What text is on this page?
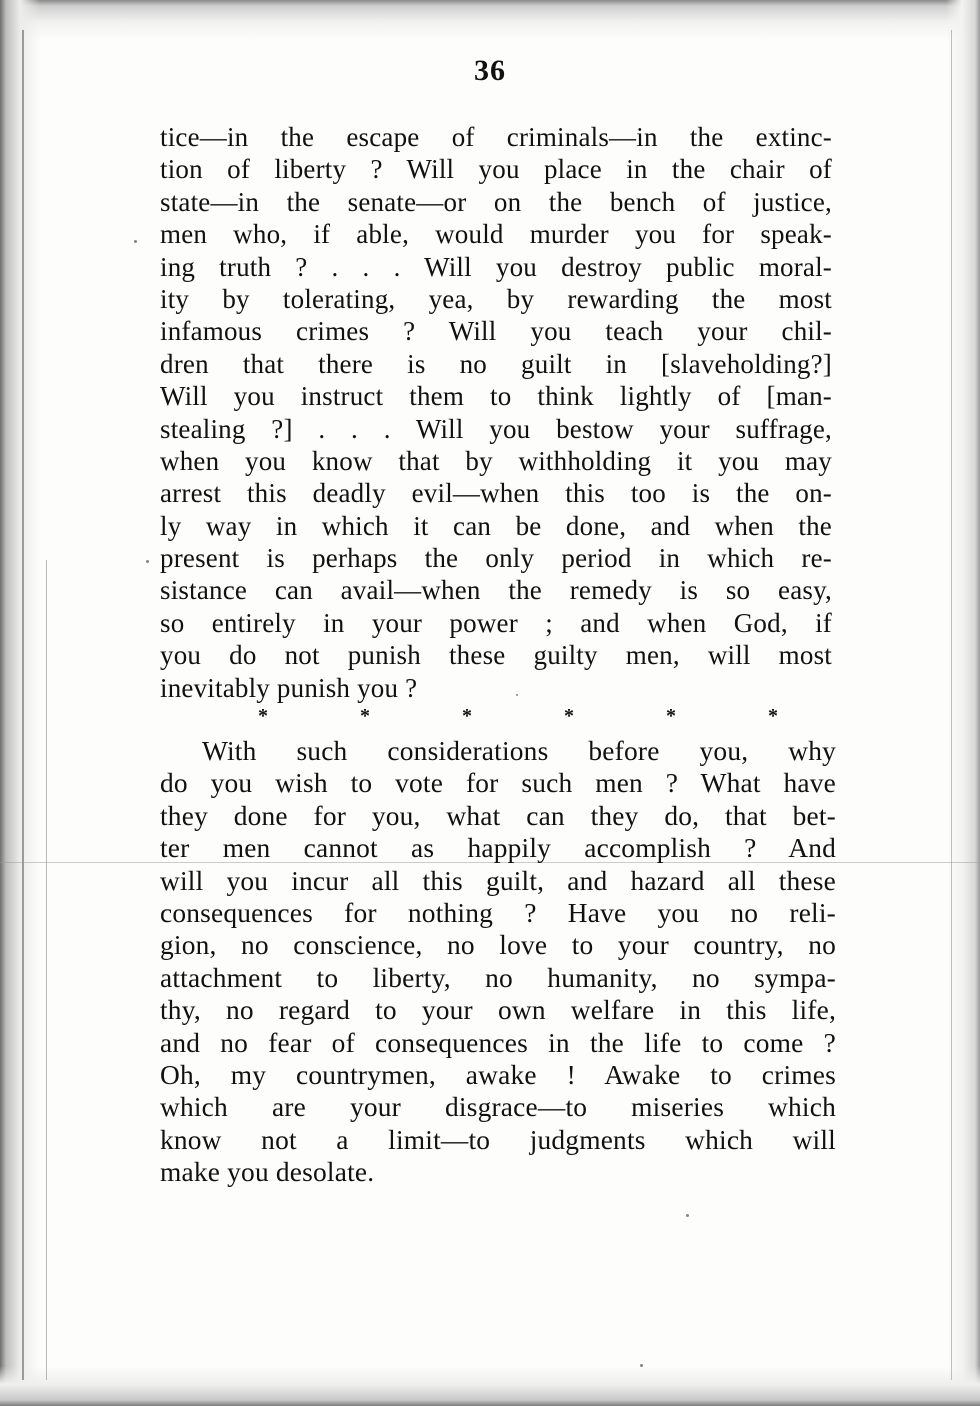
36
tice—in the escape of criminals—in the extinc-
tion of liberty ? Will you place in the chair of
state—in the senate—or on the bench of justice,
men who, if able, would murder you for speak-
ing truth ? . . . Will you destroy public moral-
ity by tolerating, yea, by rewarding the most
infamous crimes ? Will you teach your chil-
dren that there is no guilt in [slaveholding?]
Will you instruct them to think lightly of [man-
stealing ?] . . . Will you bestow your suffrage,
when you know that by withholding it you may
arrest this deadly evil—when this too is the on-
ly way in which it can be done, and when the
present is perhaps the only period in which re-
sistance can avail—when the remedy is so easy,
so entirely in your power ; and when God, if
you do not punish these guilty men, will most
inevitably punish you ?
*	*	*	*	*	*
With such considerations before you, why
do you wish to vote for such men ? What have
they done for you, what can they do, that bet-
ter men cannot as happily accomplish ? And
will you incur all this guilt, and hazard all these
consequences for nothing ? Have you no reli-
gion, no conscience, no love to your country, no
attachment to liberty, no humanity, no sympa-
thy, no regard to your own welfare in this life,
and no fear of consequences in the life to come ?
Oh, my countrymen, awake ! Awake to crimes
which are your disgrace—to miseries which
know not a limit—to judgments which will
make you desolate.
